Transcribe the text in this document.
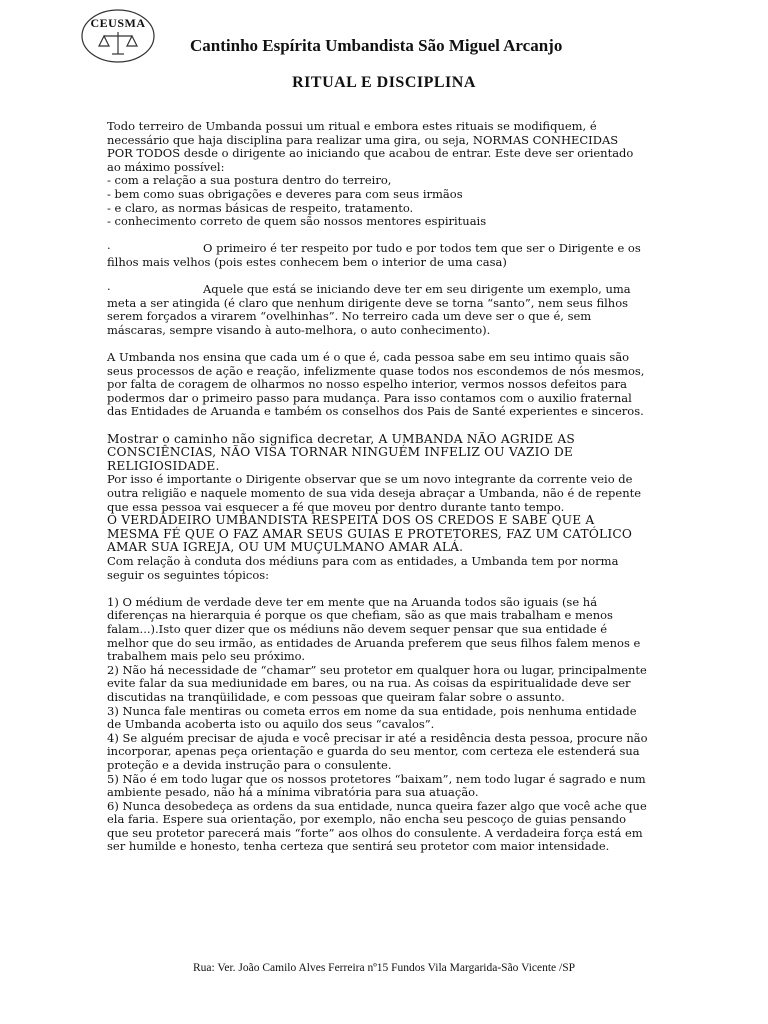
CEUSMA
Cantinho Espírita Umbandista São Miguel Arcanjo
RITUAL E DISCIPLINA

Todo terreiro de Umbanda possui um ritual e embora estes rituais se modifiquem, é

necessário que haja disciplina para realizar uma gira, ou seja, NORMAS CONHECIDAS

POR TODOS desde o dirigente ao iniciando que acabou de entrar. Este deve ser orientado

ao máximo possível:

- com a relação a sua postura dentro do terreiro,

- bem como suas obrigações e deveres para com seus irmãos

- e claro, as normas básicas de respeito, tratamento.

- conhecimento correto de quem são nossos mentores espirituais

·	O primeiro é ter respeito por tudo e por todos tem que ser o Dirigente e os

filhos mais velhos (pois estes conhecem bem o interior de uma casa)

·	Aquele que está se iniciando deve ter em seu dirigente um exemplo, uma

meta a ser atingida (é claro que nenhum dirigente deve se torna “santo”, nem seus filhos

serem forçados a virarem “ovelhinhas”. No terreiro cada um deve ser o que é, sem

máscaras, sempre visando à auto-melhora, o auto conhecimento).

A Umbanda nos ensina que cada um é o que é, cada pessoa sabe em seu intimo quais são

seus processos de ação e reação, infelizmente quase todos nos escondemos de nós mesmos,

por falta de coragem de olharmos no nosso espelho interior, vermos nossos defeitos para

podermos dar o primeiro passo para mudança. Para isso contamos com o auxilio fraternal

das Entidades de Aruanda e também os conselhos dos Pais de Santé experientes e sinceros.

Mostrar o caminho não significa decretar, A UMBANDA NÃO AGRIDE AS

CONSCIÊNCIAS, NÃO VISA TORNAR NINGUÉM INFELIZ OU VAZIO DE

RELIGIOSIDADE.

Por isso é importante o Dirigente observar que se um novo integrante da corrente veio de

outra religião e naquele momento de sua vida deseja abraçar a Umbanda, não é de repente

que essa pessoa vai esquecer a fé que moveu por dentro durante tanto tempo.

O VERDADEIRO UMBANDISTA RESPEITA DOS OS CREDOS E SABE QUE A

MESMA FÉ QUE O FAZ AMAR SEUS GUIAS E PROTETORES, FAZ UM CATÓLICO

AMAR SUA IGREJA, OU UM MUÇULMANO AMAR ALÁ.

Com relação à conduta dos médiuns para com as entidades, a Umbanda tem por norma

seguir os seguintes tópicos:

1) O médium de verdade deve ter em mente que na Aruanda todos são iguais (se há

diferenças na hierarquia é porque os que chefiam, são as que mais trabalham e menos

falam...).Isto quer dizer que os médiuns não devem sequer pensar que sua entidade é

melhor que do seu irmão, as entidades de Aruanda preferem que seus filhos falem menos e

trabalhem mais pelo seu próximo.

2) Não há necessidade de “chamar” seu protetor em qualquer hora ou lugar, principalmente

evite falar da sua mediunidade em bares, ou na rua. As coisas da espiritualidade deve ser

discutidas na tranqüilidade, e com pessoas que queiram falar sobre o assunto.

3) Nunca fale mentiras ou cometa erros em nome da sua entidade, pois nenhuma entidade

de Umbanda acoberta isto ou aquilo dos seus “cavalos”.

4) Se alguém precisar de ajuda e você precisar ir até a residência desta pessoa, procure não

incorporar, apenas peça orientação e guarda do seu mentor, com certeza ele estenderá sua

proteção e a devida instrução para o consulente.

5) Não é em todo lugar que os nossos protetores “baixam”, nem todo lugar é sagrado e num

ambiente pesado, não há a mínima vibratória para sua atuação.

6) Nunca desobedeça as ordens da sua entidade, nunca queira fazer algo que você ache que

ela faria. Espere sua orientação, por exemplo, não encha seu pescoço de guias pensando

que seu protetor parecerá mais “forte” aos olhos do consulente. A verdadeira força está em

ser humilde e honesto, tenha certeza que sentirá seu protetor com maior intensidade.

Rua: Ver. João Camilo Alves Ferreira nº15 Fundos Vila Margarida-São Vicente /SP
